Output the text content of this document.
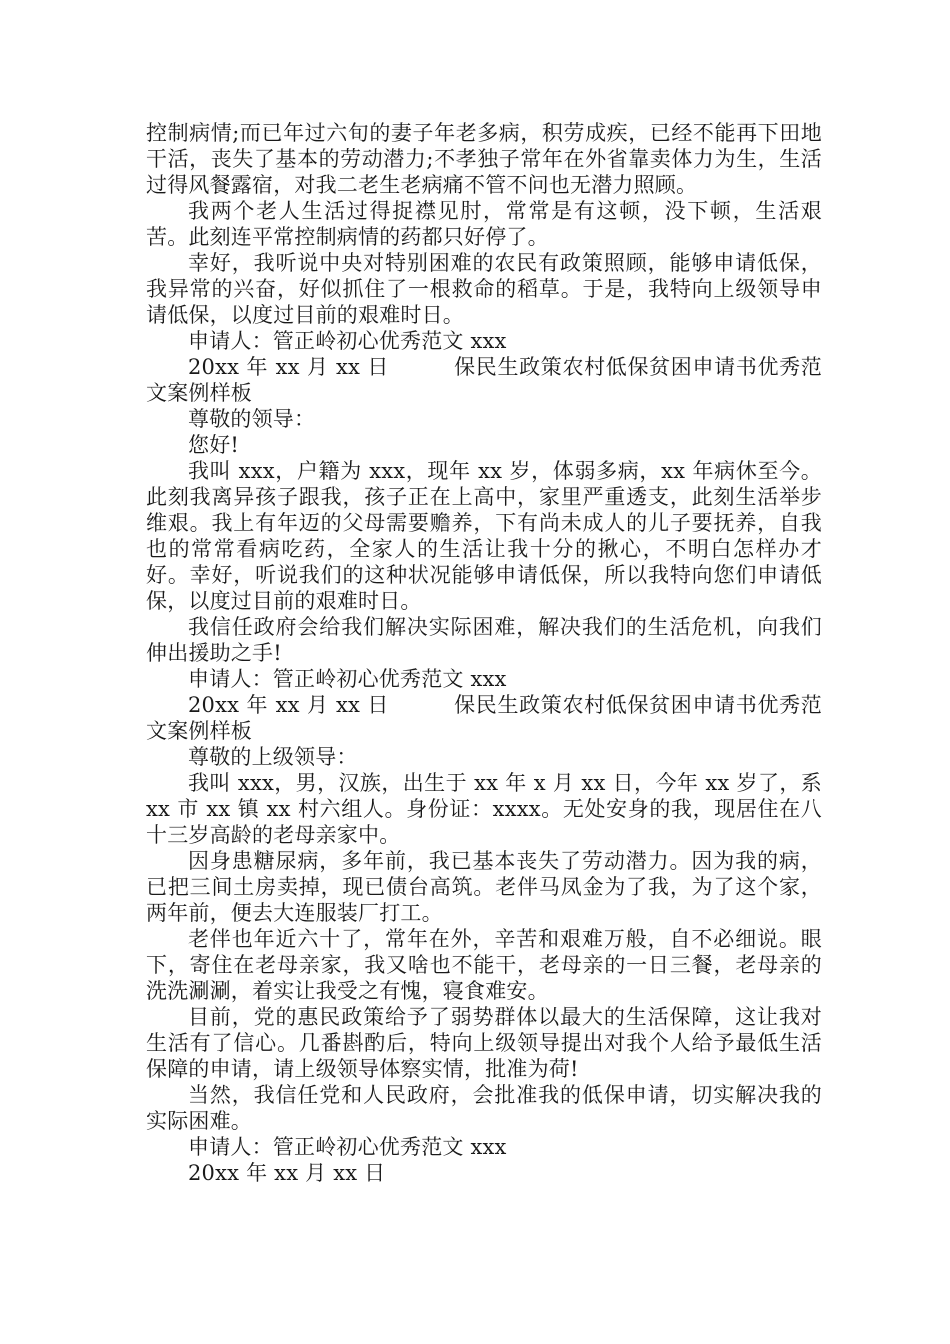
控制病情;而已年过六旬的妻子年老多病，积劳成疾，已经不能再下田地干活，丧失了基本的劳动潜力;不孝独子常年在外省靠卖体力为生，生活过得风餐露宿，对我二老生老病痛不管不问也无潜力照顾。

我两个老人生活过得捉襟见肘，常常是有这顿，没下顿，生活艰苦。此刻连平常控制病情的药都只好停了。

幸好，我听说中央对特别困难的农民有政策照顾，能够申请低保，我异常的兴奋，好似抓住了一根救命的稻草。于是，我特向上级领导申请低保，以度过目前的艰难时日。

申请人：管正岭初心优秀范文 xxx

20xx 年 xx 月 xx 日　　　保民生政策农村低保贫困申请书优秀范文案例样板

尊敬的领导：

您好!

我叫 xxx，户籍为 xxx，现年 xx 岁，体弱多病，xx 年病休至今。此刻我离异孩子跟我，孩子正在上高中，家里严重透支，此刻生活举步维艰。我上有年迈的父母需要赡养，下有尚未成人的儿子要抚养，自我也的常常看病吃药，全家人的生活让我十分的揪心，不明白怎样办才好。幸好，听说我们的这种状况能够申请低保，所以我特向您们申请低保，以度过目前的艰难时日。

我信任政府会给我们解决实际困难，解决我们的生活危机，向我们伸出援助之手!

申请人：管正岭初心优秀范文 xxx

20xx 年 xx 月 xx 日　　　保民生政策农村低保贫困申请书优秀范文案例样板

尊敬的上级领导：

我叫 xxx，男，汉族，出生于 xx 年 x 月 xx 日，今年 xx 岁了，系 xx 市 xx 镇 xx 村六组人。身份证：xxxx。无处安身的我，现居住在八十三岁高龄的老母亲家中。

因身患糖尿病，多年前，我已基本丧失了劳动潜力。因为我的病，已把三间土房卖掉，现已债台高筑。老伴马凤金为了我，为了这个家，两年前，便去大连服装厂打工。

老伴也年近六十了，常年在外，辛苦和艰难万般，自不必细说。眼下，寄住在老母亲家，我又啥也不能干，老母亲的一日三餐，老母亲的洗洗涮涮，着实让我受之有愧，寝食难安。

目前，党的惠民政策给予了弱势群体以最大的生活保障，这让我对生活有了信心。几番斟酌后，特向上级领导提出对我个人给予最低生活保障的申请，请上级领导体察实情，批准为荷!

当然，我信任党和人民政府，会批准我的低保申请，切实解决我的实际困难。

申请人：管正岭初心优秀范文 xxx

20xx 年 xx 月 xx 日
